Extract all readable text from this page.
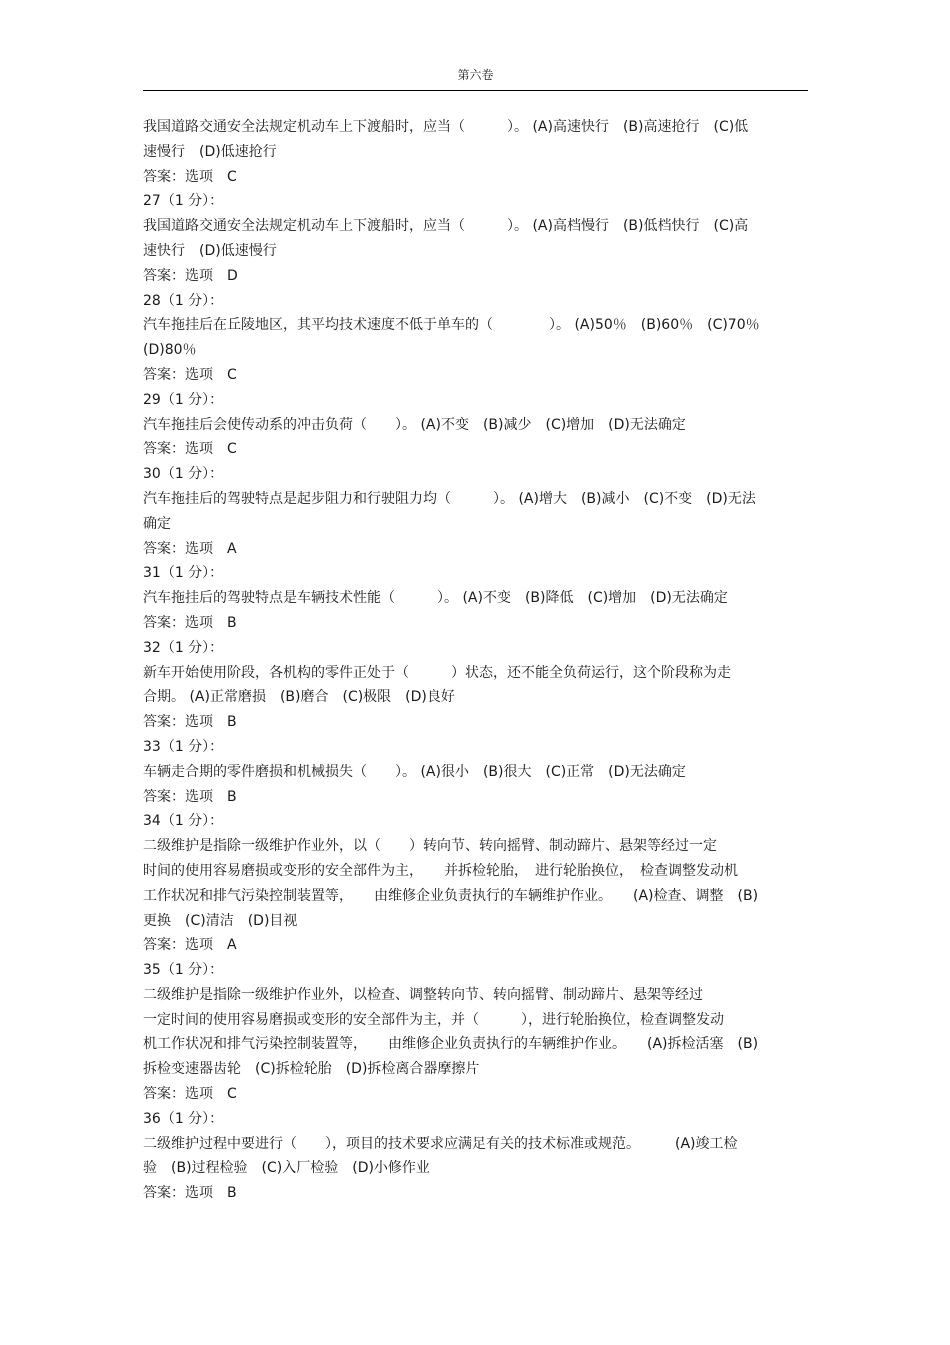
第六卷
我国道路交通安全法规定机动车上下渡船时，应当（　　　）。 (A)高速快行　(B)高速抢行　(C)低
速慢行　(D)低速抢行
答案：选项　C
27（1 分）：
我国道路交通安全法规定机动车上下渡船时，应当（　　　）。 (A)高档慢行　(B)低档快行　(C)高
速快行　(D)低速慢行
答案：选项　D
28（1 分）：
汽车拖挂后在丘陵地区，其平均技术速度不低于单车的（　　　　）。 (A)50％　(B)60％　(C)70％
(D)80％
答案：选项　C
29（1 分）：
汽车拖挂后会使传动系的冲击负荷（　　）。 (A)不变　(B)减少　(C)增加　(D)无法确定
答案：选项　C
30（1 分）：
汽车拖挂后的驾驶特点是起步阻力和行驶阻力均（　　　）。 (A)增大　(B)减小　(C)不变　(D)无法
确定
答案：选项　A
31（1 分）：
汽车拖挂后的驾驶特点是车辆技术性能（　　　）。 (A)不变　(B)降低　(C)增加　(D)无法确定
答案：选项　B
32（1 分）：
新车开始使用阶段，各机构的零件正处于（　　　）状态，还不能全负荷运行，这个阶段称为走
合期。 (A)正常磨损　(B)磨合　(C)极限　(D)良好
答案：选项　B
33（1 分）：
车辆走合期的零件磨损和机械损失（　　）。 (A)很小　(B)很大　(C)正常　(D)无法确定
答案：选项　B
34（1 分）：
二级维护是指除一级维护作业外，以（　　）转向节、转向摇臂、制动蹄片、悬架等经过一定
时间的使用容易磨损或变形的安全部件为主，　　并拆检轮胎，　进行轮胎换位，　检查调整发动机
工作状况和排气污染控制装置等，　　由维修企业负责执行的车辆维护作业。　　(A)检查、调整　(B)
更换　(C)清洁　(D)目视
答案：选项　A
35（1 分）：
二级维护是指除一级维护作业外，以检查、调整转向节、转向摇臂、制动蹄片、悬架等经过
一定时间的使用容易磨损或变形的安全部件为主，并（　　　），进行轮胎换位，检查调整发动
机工作状况和排气污染控制装置等，　　由维修企业负责执行的车辆维护作业。　　(A)拆检活塞　(B)
拆检变速器齿轮　(C)拆检轮胎　(D)拆检离合器摩擦片
答案：选项　C
36（1 分）：
二级维护过程中要进行（　　），项目的技术要求应满足有关的技术标准或规范。　　　(A)竣工检
验　(B)过程检验　(C)入厂检验　(D)小修作业
答案：选项　B
